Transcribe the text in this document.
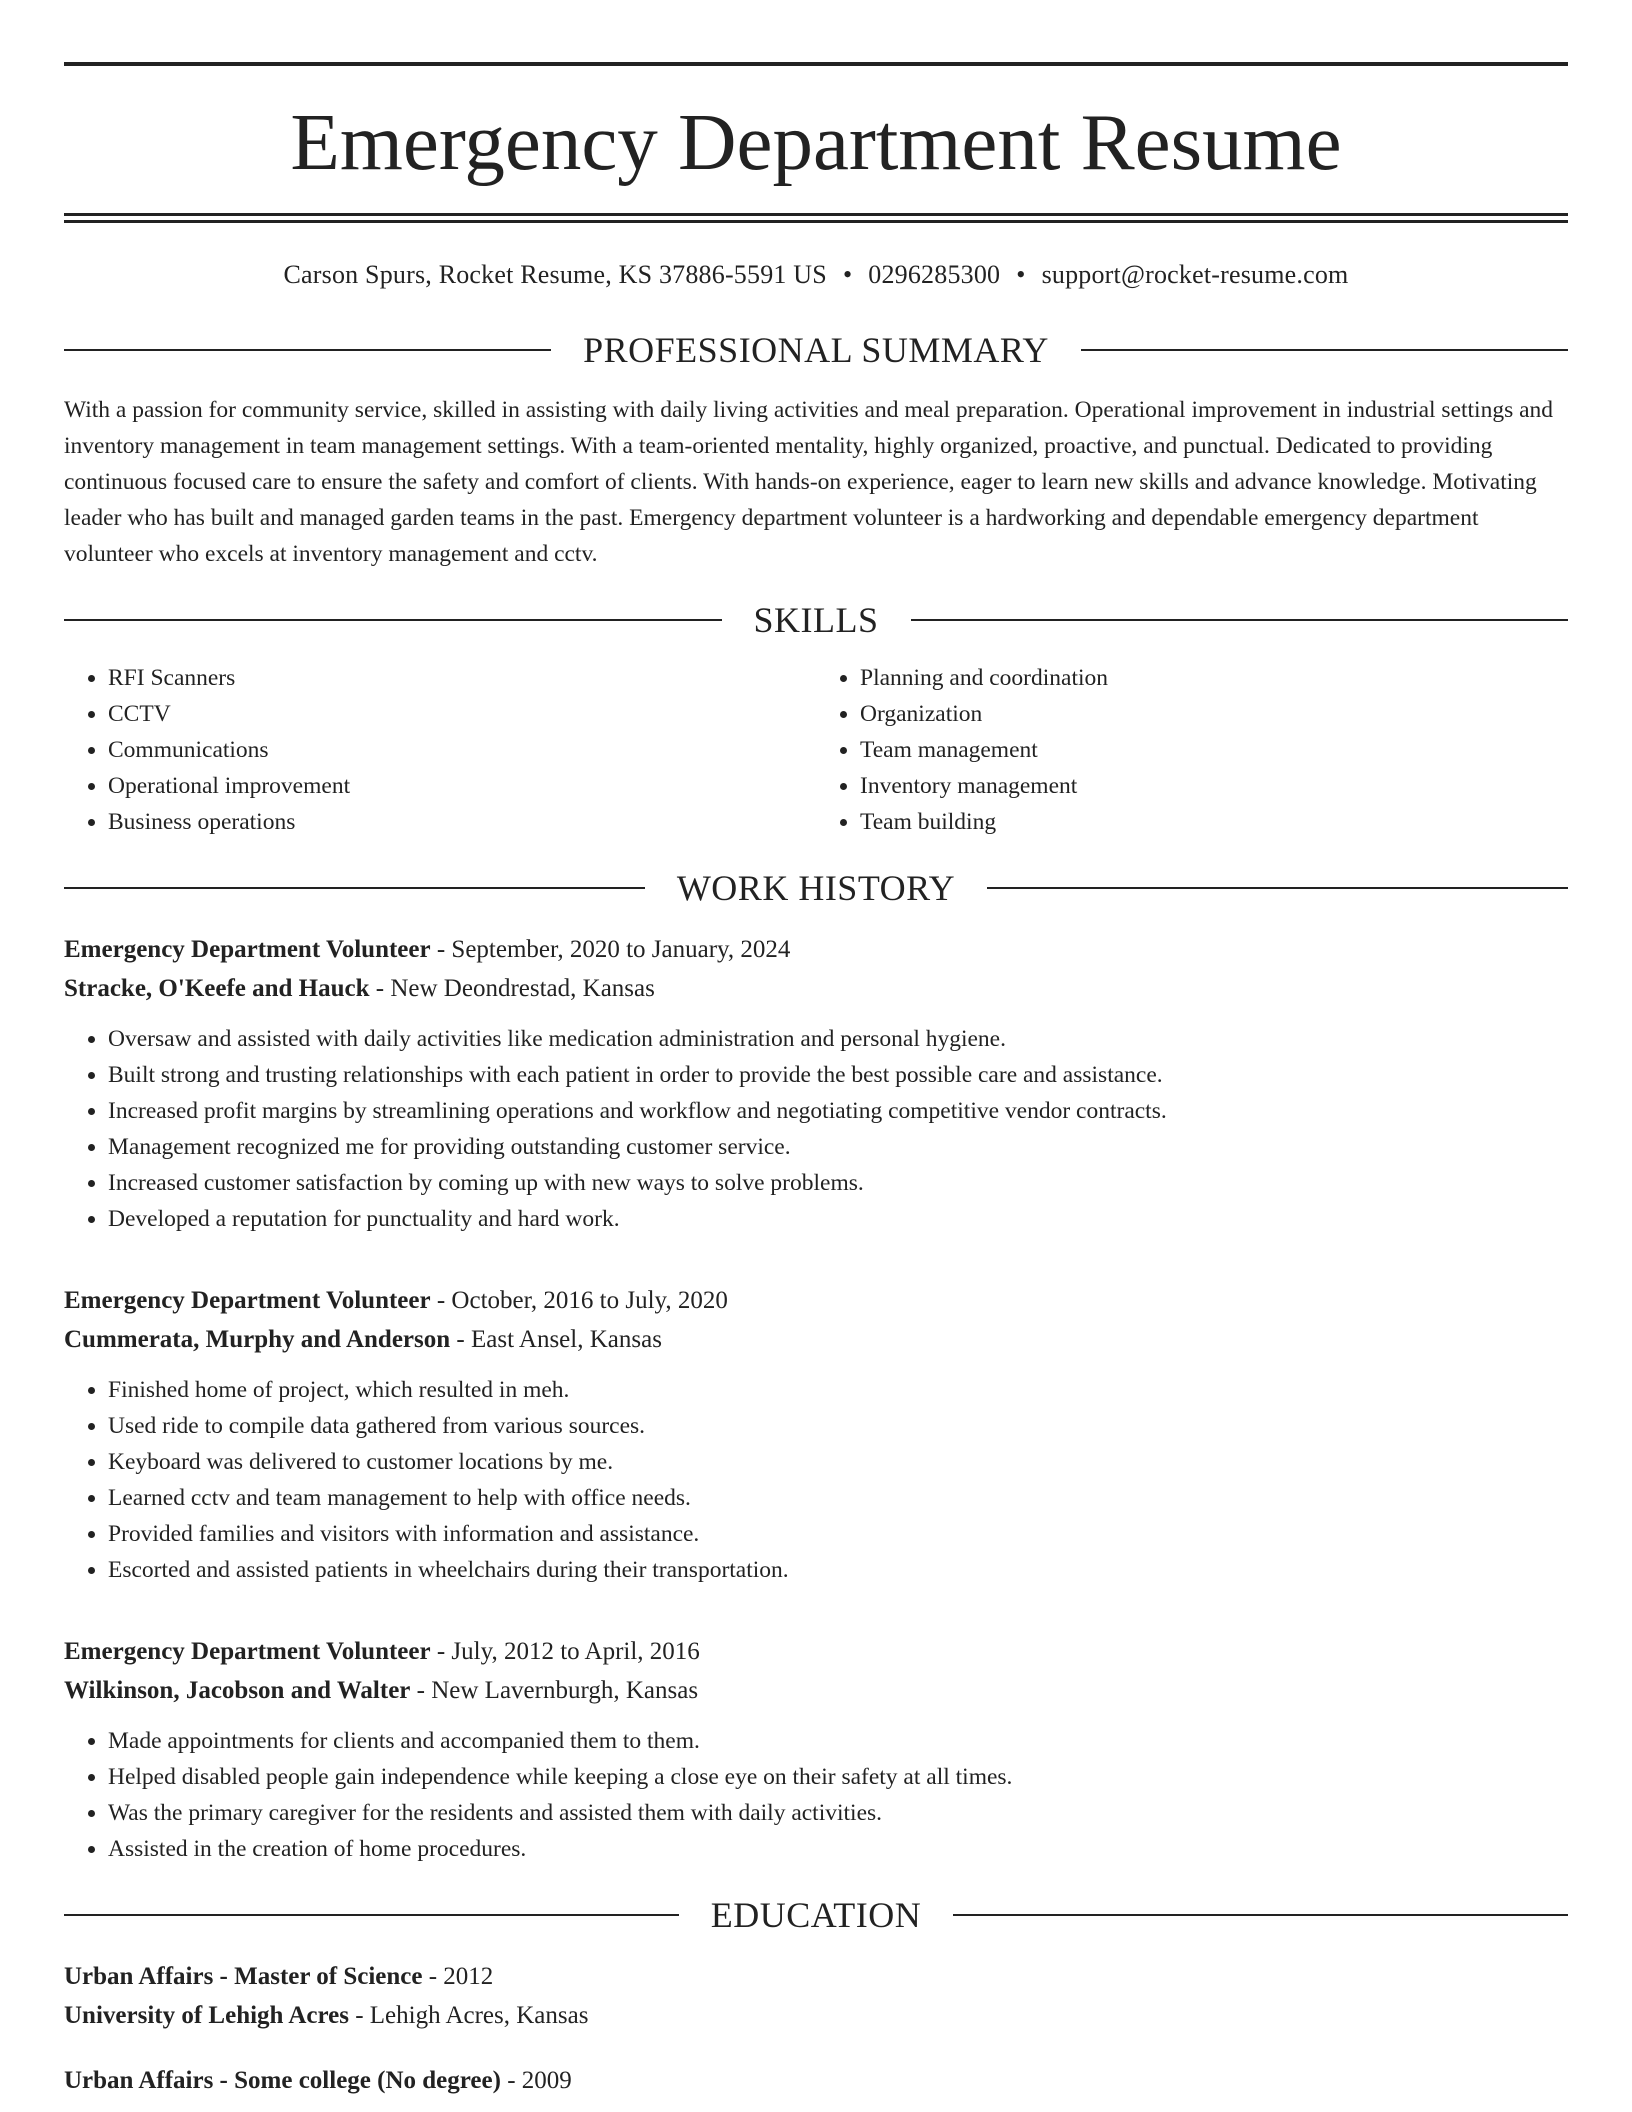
Emergency Department Resume
Carson Spurs, Rocket Resume, KS 37886-5591 US • 0296285300 • support@rocket-resume.com
PROFESSIONAL SUMMARY

With a passion for community service, skilled in assisting with daily living activities and meal preparation. Operational improvement in industrial settings and inventory management in team management settings. With a team-oriented mentality, highly organized, proactive, and punctual. Dedicated to providing continuous focused care to ensure the safety and comfort of clients. With hands-on experience, eager to learn new skills and advance knowledge. Motivating leader who has built and managed garden teams in the past. Emergency department volunteer is a hardworking and dependable emergency department volunteer who excels at inventory management and cctv.

SKILLS
• RFI Scanners
• CCTV
• Communications
• Operational improvement
• Business operations
• Planning and coordination
• Organization
• Team management
• Inventory management
• Team building
WORK HISTORY
Emergency Department Volunteer - September, 2020 to January, 2024
Stracke, O'Keefe and Hauck - New Deondrestad, Kansas
• Oversaw and assisted with daily activities like medication administration and personal hygiene.
• Built strong and trusting relationships with each patient in order to provide the best possible care and assistance.
• Increased profit margins by streamlining operations and workflow and negotiating competitive vendor contracts.
• Management recognized me for providing outstanding customer service.
• Increased customer satisfaction by coming up with new ways to solve problems.
• Developed a reputation for punctuality and hard work.
Emergency Department Volunteer - October, 2016 to July, 2020
Cummerata, Murphy and Anderson - East Ansel, Kansas
• Finished home of project, which resulted in meh.
• Used ride to compile data gathered from various sources.
• Keyboard was delivered to customer locations by me.
• Learned cctv and team management to help with office needs.
• Provided families and visitors with information and assistance.
• Escorted and assisted patients in wheelchairs during their transportation.
Emergency Department Volunteer - July, 2012 to April, 2016
Wilkinson, Jacobson and Walter - New Lavernburgh, Kansas
• Made appointments for clients and accompanied them to them.
• Helped disabled people gain independence while keeping a close eye on their safety at all times.
• Was the primary caregiver for the residents and assisted them with daily activities.
• Assisted in the creation of home procedures.
EDUCATION
Urban Affairs - Master of Science - 2012
University of Lehigh Acres - Lehigh Acres, Kansas
Urban Affairs - Some college (No degree) - 2009
